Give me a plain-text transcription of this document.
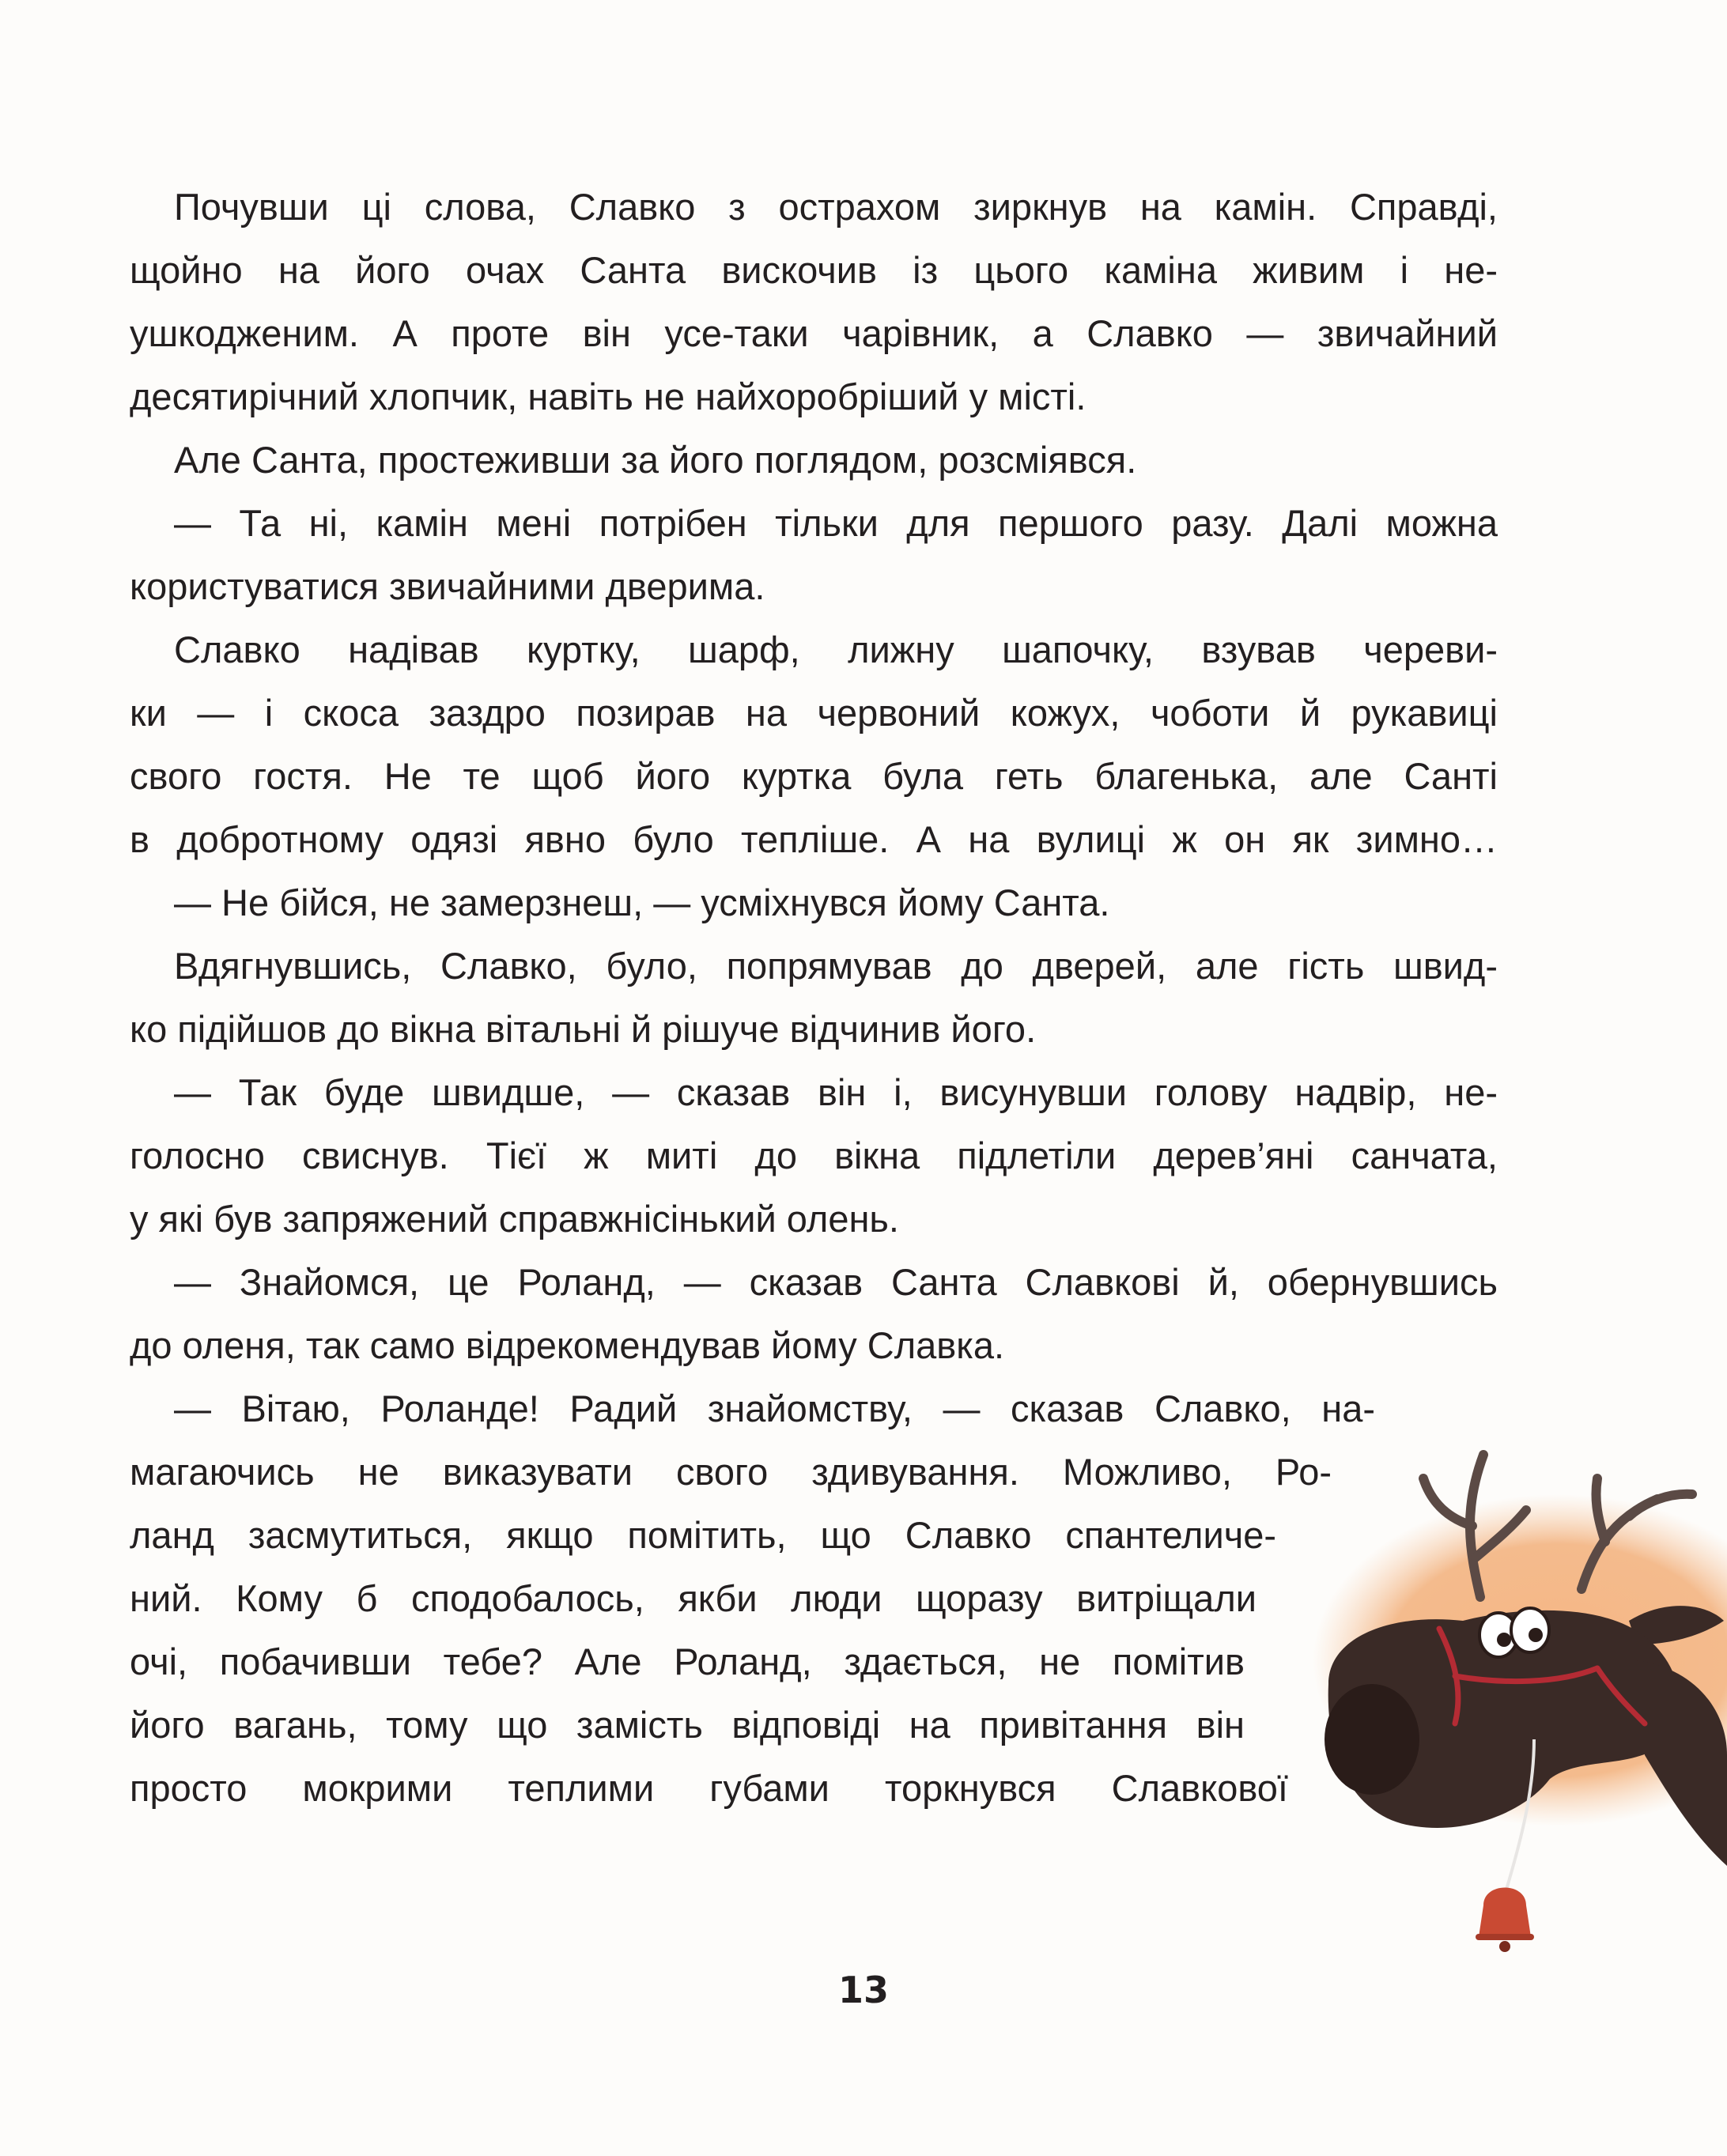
Почувши ці слова, Славко з острахом зиркнув на камін. Справді,
щойно на його очах Санта вискочив із цього каміна живим і не-
ушкодженим. А проте він усе-таки чарівник, а Славко — звичайний
десятирічний хлопчик, навіть не найхоробріший у місті.
Але Санта, простеживши за його поглядом, розсміявся.
— Та ні, камін мені потрібен тільки для першого разу. Далі можна
користуватися звичайними дверима.
Славко надівав куртку, шарф, лижну шапочку, взував череви-
ки — і скоса заздро позирав на червоний кожух, чоботи й рукавиці
свого гостя. Не те щоб його куртка була геть благенька, але Санті
в добротному одязі явно було тепліше. А на вулиці ж он як зимно…
— Не бійся, не замерзнеш, — усміхнувся йому Санта.
Вдягнувшись, Славко, було, попрямував до дверей, але гість швид-
ко підійшов до вікна вітальні й рішуче відчинив його.
— Так буде швидше, — сказав він і, висунувши голову надвір, не-
голосно свиснув. Тієї ж миті до вікна підлетіли дерев’яні санчата,
у які був запряжений справжнісінький олень.
— Знайомся, це Роланд, — сказав Санта Славкові й, обернувшись
до оленя, так само відрекомендував йому Славка.
— Вітаю, Роланде! Радий знайомству, — сказав Славко, на-
магаючись не виказувати свого здивування. Можливо, Ро-
ланд засмутиться, якщо помітить, що Славко спантеличе-
ний. Кому б сподобалось, якби люди щоразу витріщали
очі, побачивши тебе? Але Роланд, здається, не помітив
його вагань, тому що замість відповіді на привітання він
просто мокрими теплими губами торкнувся Славкової
13
